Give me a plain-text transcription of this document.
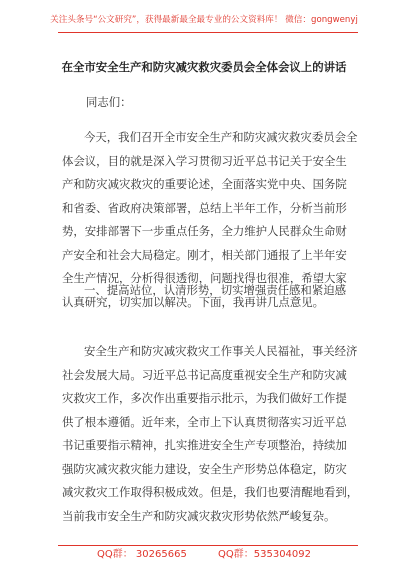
关注头条号“公文研究”，获得最新最全最专业的公文资料库！ 微信：gongwenyj
在全市安全生产和防灾减灾救灾委员会全体会议上的讲话
同志们：
今天，我们召开全市安全生产和防灾减灾救灾委员会全
体会议，目的就是深入学习贯彻习近平总书记关于安全生
产和防灾减灾救灾的重要论述，全面落实党中央、国务院
和省委、省政府决策部署，总结上半年工作，分析当前形
势，安排部署下一步重点任务，全力维护人民群众生命财
产安全和社会大局稳定。刚才，相关部门通报了上半年安
全生产情况，分析得很透彻，问题找得也很准，希望大家
认真研究，切实加以解决。下面，我再讲几点意见。
一、提高站位，认清形势，切实增强责任感和紧迫感
安全生产和防灾减灾救灾工作事关人民福祉，事关经济
社会发展大局。习近平总书记高度重视安全生产和防灾减
灾救灾工作，多次作出重要指示批示，为我们做好工作提
供了根本遵循。近年来，全市上下认真贯彻落实习近平总
书记重要指示精神，扎实推进安全生产专项整治，持续加
强防灾减灾救灾能力建设，安全生产形势总体稳定，防灾
减灾救灾工作取得积极成效。但是，我们也要清醒地看到，
当前我市安全生产和防灾减灾救灾形势依然严峻复杂。
QQ群： 30265665	QQ群：535304092
